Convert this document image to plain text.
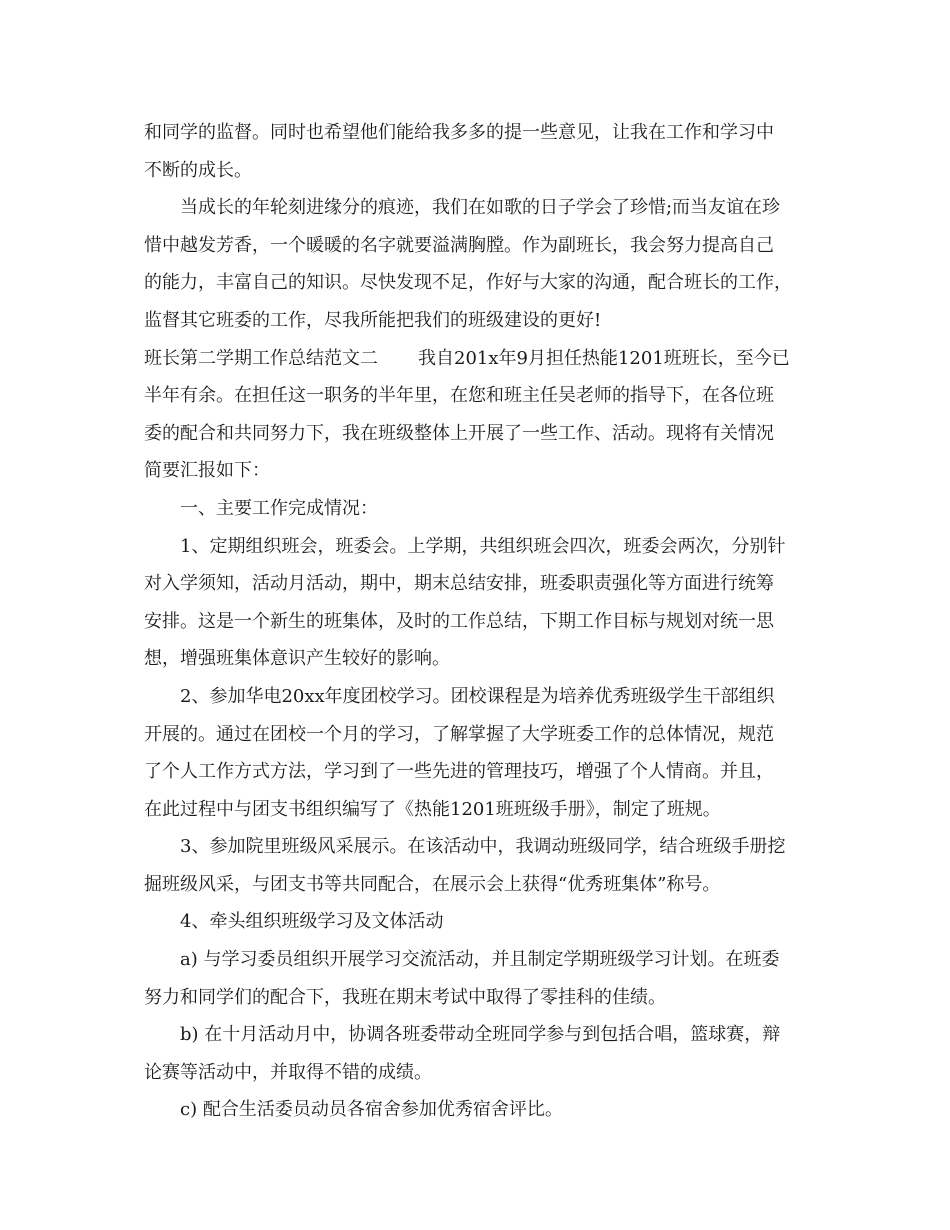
和同学的监督。同时也希望他们能给我多多的提一些意见，让我在工作和学习中
不断的成长。
当成长的年轮刻进缘分的痕迹，我们在如歌的日子学会了珍惜;而当友谊在珍
惜中越发芳香，一个暖暖的名字就要溢满胸膛。作为副班长，我会努力提高自己
的能力，丰富自己的知识。尽快发现不足，作好与大家的沟通，配合班长的工作，
监督其它班委的工作，尽我所能把我们的班级建设的更好!
班长第二学期工作总结范文二 我自201x年9月担任热能1201班班长，至今已
半年有余。在担任这一职务的半年里，在您和班主任吴老师的指导下，在各位班
委的配合和共同努力下，我在班级整体上开展了一些工作、活动。现将有关情况
简要汇报如下：
一、主要工作完成情况：
1、定期组织班会，班委会。上学期，共组织班会四次，班委会两次，分别针
对入学须知，活动月活动，期中，期末总结安排，班委职责强化等方面进行统筹
安排。这是一个新生的班集体，及时的工作总结，下期工作目标与规划对统一思
想，增强班集体意识产生较好的影响。
2、参加华电20xx年度团校学习。团校课程是为培养优秀班级学生干部组织
开展的。通过在团校一个月的学习，了解掌握了大学班委工作的总体情况，规范
了个人工作方式方法，学习到了一些先进的管理技巧，增强了个人情商。并且，
在此过程中与团支书组织编写了《热能1201班班级手册》，制定了班规。
3、参加院里班级风采展示。在该活动中，我调动班级同学，结合班级手册挖
掘班级风采，与团支书等共同配合，在展示会上获得“优秀班集体”称号。
4、牵头组织班级学习及文体活动
a) 与学习委员组织开展学习交流活动，并且制定学期班级学习计划。在班委
努力和同学们的配合下，我班在期末考试中取得了零挂科的佳绩。
b) 在十月活动月中，协调各班委带动全班同学参与到包括合唱，篮球赛，辩
论赛等活动中，并取得不错的成绩。
c) 配合生活委员动员各宿舍参加优秀宿舍评比。
